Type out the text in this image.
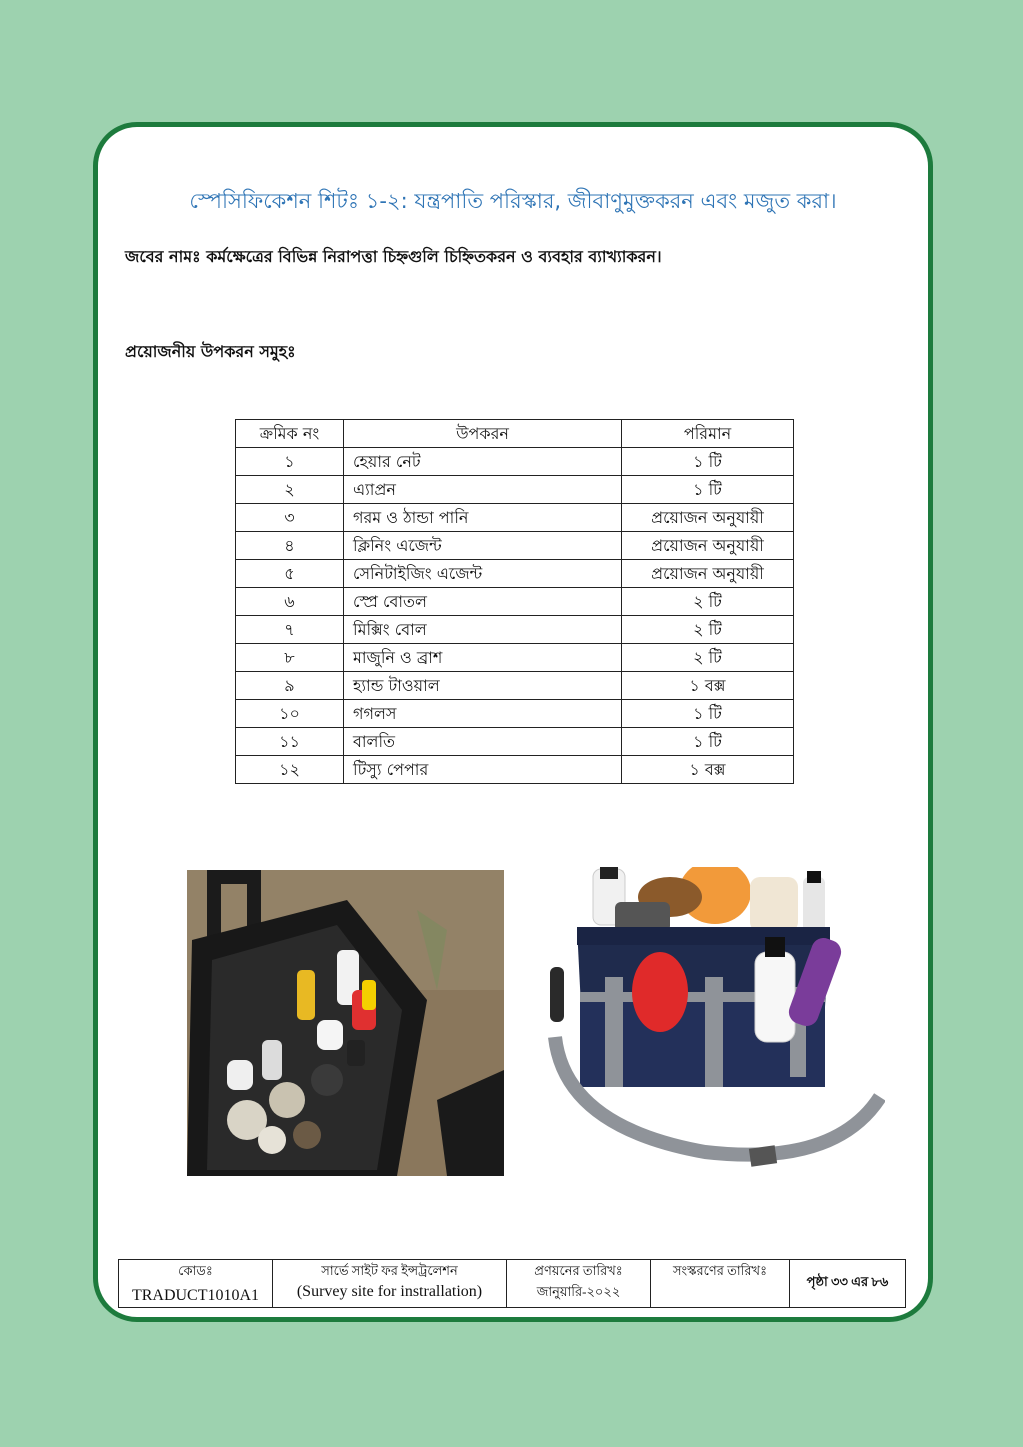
স্পেসিফিকেশন শিটঃ ১-২: যন্ত্রপাতি পরিস্কার, জীবাণুমুক্তকরন এবং মজুত করা।
জবের নামঃ কর্মক্ষেত্রের বিভিন্ন নিরাপত্তা চিহ্নগুলি চিহ্নিতকরন ও ব্যবহার ব্যাখ্যাকরন।
প্রয়োজনীয় উপকরন সমুহঃ
ক্রমিক নং	উপকরন	পরিমান
১	হেয়ার নেট	১ টি
২	এ্যাপ্রন	১ টি
৩	গরম ও ঠান্ডা পানি	প্রয়োজন অনুযায়ী
৪	ক্লিনিং এজেন্ট	প্রয়োজন অনুযায়ী
৫	সেনিটাইজিং এজেন্ট	প্রয়োজন অনুযায়ী
৬	স্প্রে বোতল	২ টি
৭	মিক্সিং বোল	২ টি
৮	মাজুনি ও ব্রাশ	২ টি
৯	হ্যান্ড টাওয়াল	১ বক্স
১০	গগলস	১ টি
১১	বালতি	১ টি
১২	টিস্যু পেপার	১ বক্স
কোডঃ
TRADUCT1010A1

সার্ভে সাইট ফর ইন্সট্রলেশন
(Survey site for instrallation)

প্রণয়নের তারিখঃ
জানুয়ারি-২০২২

সংস্করণের তারিখঃ
	পৃষ্ঠা ৩৩ এর ৮৬
